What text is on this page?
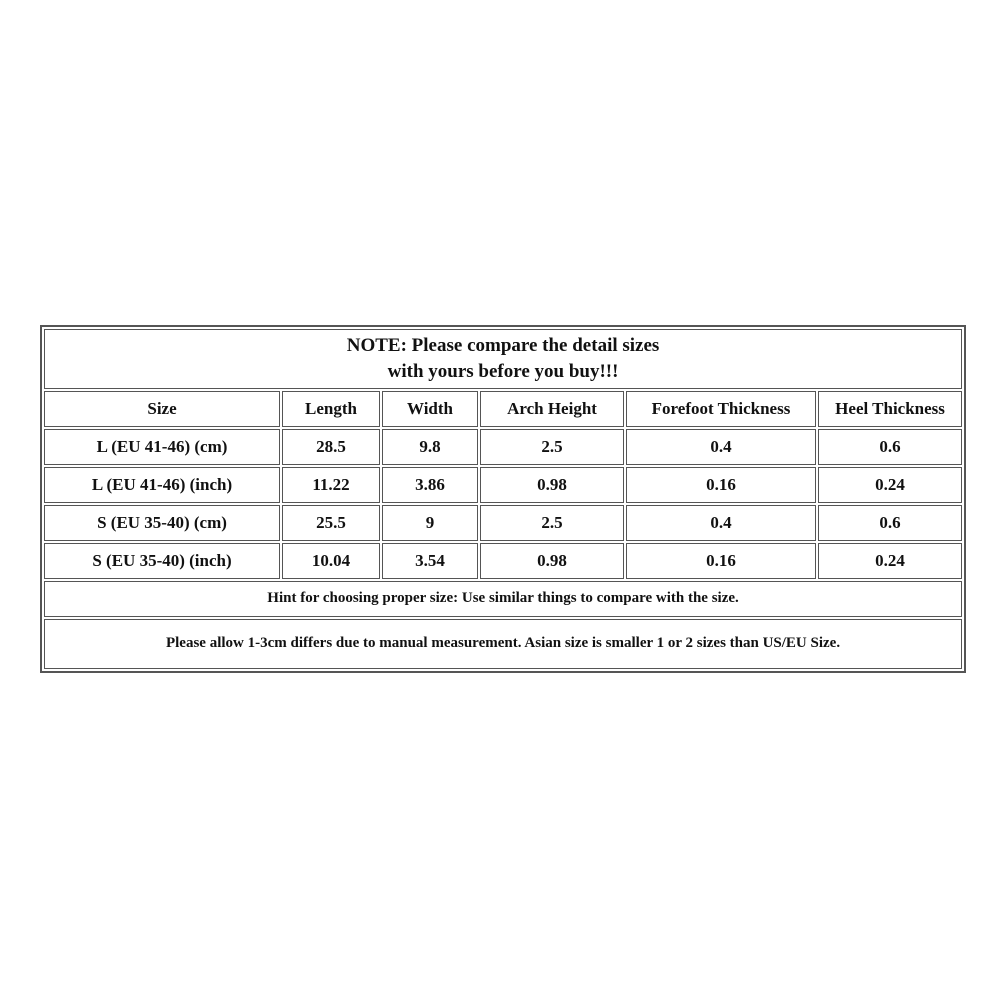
NOTE: Please compare the detail sizes
with yours before you buy!!!					

Size	Length	Width	Arch Height	Forefoot Thickness	Heel Thickness
L (EU 41-46) (cm)	28.5	9.8	2.5	0.4	0.6
L (EU 41-46) (inch)	11.22	3.86	0.98	0.16	0.24
S (EU 35-40) (cm)	25.5	9	2.5	0.4	0.6
S (EU 35-40) (inch)	10.04	3.54	0.98	0.16	0.24
Hint for choosing proper size: Use similar things to compare with the size.					
Please allow 1-3cm differs due to manual measurement. Asian size is smaller 1 or 2 sizes than US/EU Size.					
